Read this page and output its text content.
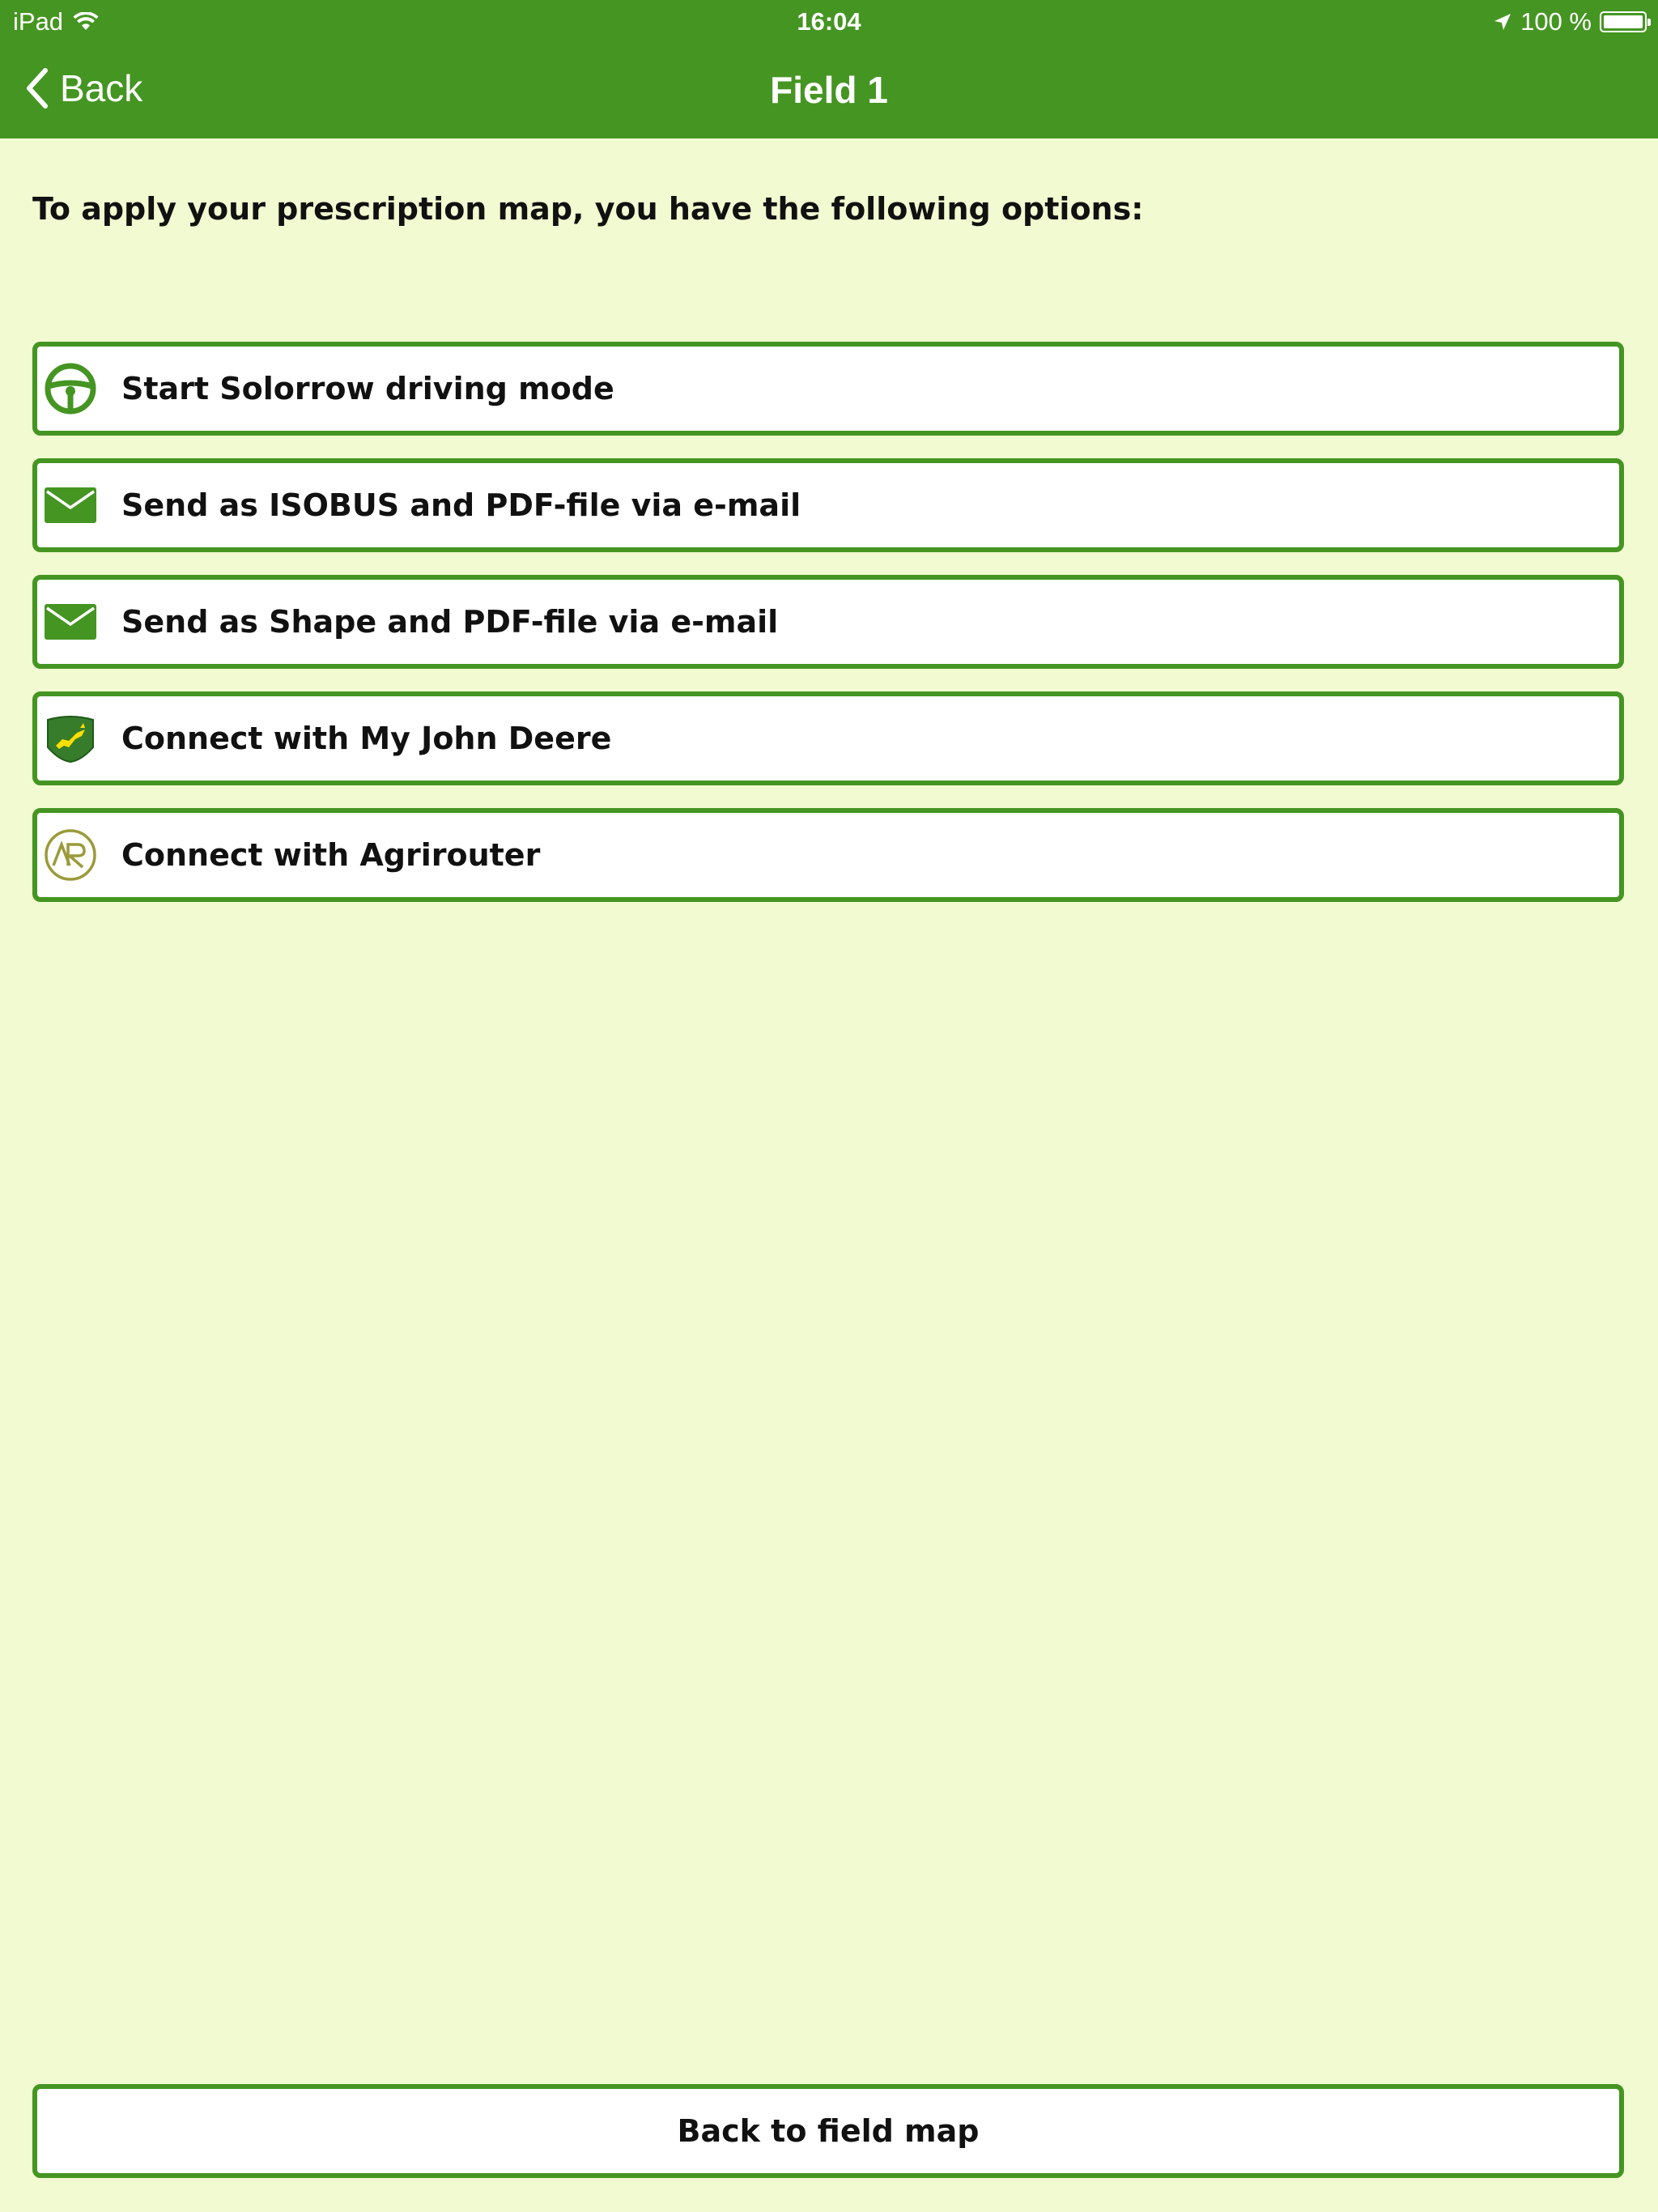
iPad	16:04	100 %
Back	Field 1
To apply your prescription map, you have the following options:
Start Solorrow driving mode
Send as ISOBUS and PDF-file via e-mail
Send as Shape and PDF-file via e-mail
Connect with My John Deere
Connect with Agrirouter
Back to field map
